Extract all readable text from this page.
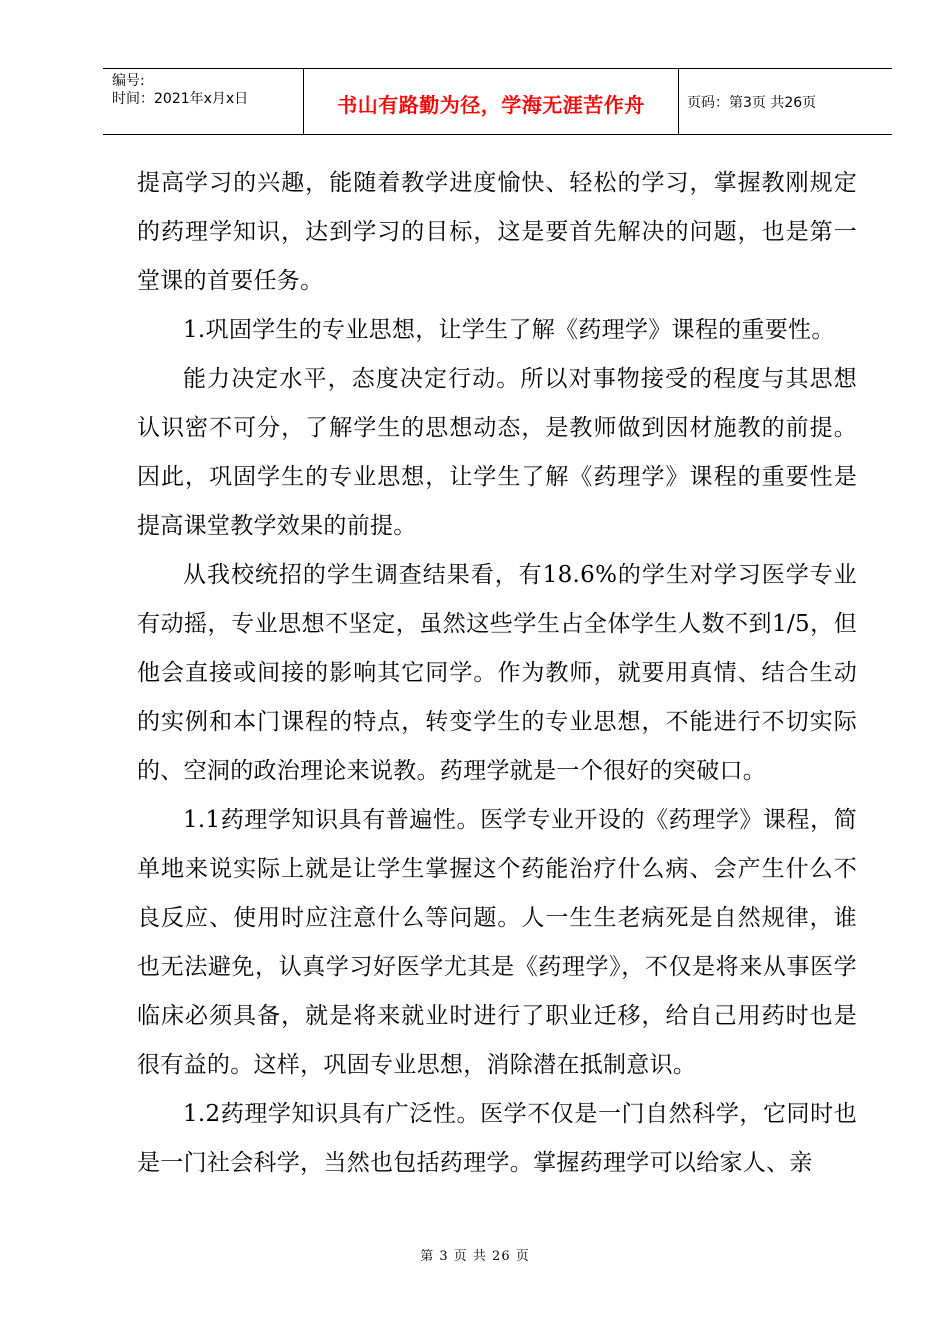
编号:
时间：2021年x月x日	书山有路勤为径，学海无涯苦作舟	页码：第3页 共26页

提高学习的兴趣，能随着教学进度愉快、轻松的学习，掌握教刚规定的药理学知识，达到学习的目标，这是要首先解决的问题，也是第一堂课的首要任务。

1.巩固学生的专业思想，让学生了解《药理学》课程的重要性。

能力决定水平，态度决定行动。所以对事物接受的程度与其思想认识密不可分，了解学生的思想动态，是教师做到因材施教的前提。因此，巩固学生的专业思想，让学生了解《药理学》课程的重要性是提高课堂教学效果的前提。

从我校统招的学生调查结果看，有18.6%的学生对学习医学专业有动摇，专业思想不坚定，虽然这些学生占全体学生人数不到1/5，但他会直接或间接的影响其它同学。作为教师，就要用真情、结合生动的实例和本门课程的特点，转变学生的专业思想，不能进行不切实际的、空洞的政治理论来说教。药理学就是一个很好的突破口。

1.1药理学知识具有普遍性。医学专业开设的《药理学》课程，简单地来说实际上就是让学生掌握这个药能治疗什么病、会产生什么不良反应、使用时应注意什么等问题。人一生生老病死是自然规律，谁也无法避免，认真学习好医学尤其是《药理学》，不仅是将来从事医学临床必须具备，就是将来就业时进行了职业迁移，给自己用药时也是很有益的。这样，巩固专业思想，消除潜在抵制意识。

1.2药理学知识具有广泛性。医学不仅是一门自然科学，它同时也是一门社会科学，当然也包括药理学。掌握药理学可以给家人、亲

第 3 页 共 26 页
